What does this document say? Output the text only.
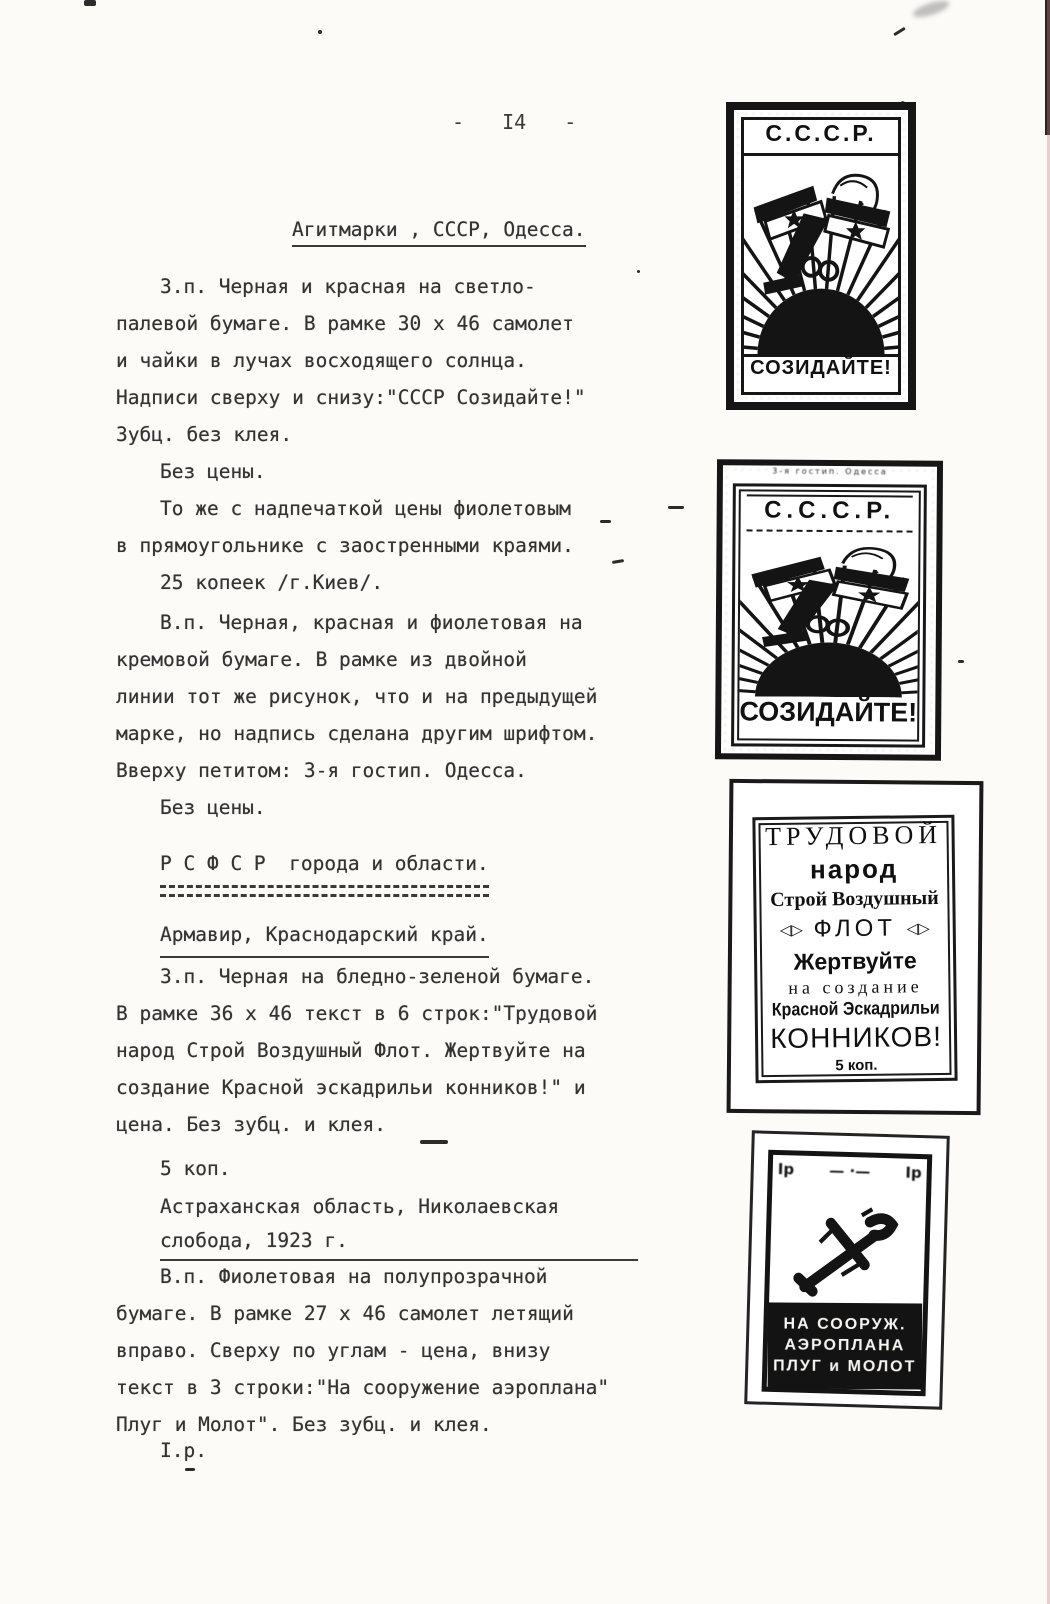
- I4 -
Агитмарки , СССР, Одесса.
З.п. Черная и красная на светло-
палевой бумаге. В рамке 30 х 46 самолет
и чайки в лучах восходящего солнца.
Надписи сверху и снизу:"СССР Созидайте!"
Зубц. без клея.
Без цены.
То же с надпечаткой цены фиолетовым
в прямоугольнике с заостренными краями.
25 копеек /г.Киев/.
В.п. Черная, красная и фиолетовая на
кремовой бумаге. В рамке из двойной
линии тот же рисунок, что и на предыдущей
марке, но надпись сделана другим шрифтом.
Вверху петитом: 3-я гостип. Одесса.
Без цены.
Р С Ф С Р  города и области.
Армавир, Краснодарский край.
З.п. Черная на бледно-зеленой бумаге.
В рамке 36 х 46 текст в 6 строк:"Трудовой
народ Строй Воздушный Флот. Жертвуйте на
создание Красной эскадрильи конников!" и
цена. Без зубц. и клея.
5 коп.
Астраханская область, Николаевская
слобода, 1923 г.
В.п. Фиолетовая на полупрозрачной
бумаге. В рамке 27 х 46 самолет летящий
вправо. Сверху по углам - цена, внизу
текст в 3 строки:"На сооружение аэроплана"
Плуг и Молот". Без зубц. и клея.
I.р.
С.С.С.Р.
СОЗИДАЙТЕ!
3-я гостип. Одесса
С.С.С.Р.
СОЗИДАЙТЕ!
ТРУДОВОЙ
народ
Строй Воздушный
◁▷ ФЛОТ ◁▷
Жертвуйте
на создание
Красной Эскадрильи
КОННИКОВ!
5 коп.
Iр — ·— Iр
НА СООРУЖ.
АЭРОПЛАНА
ПЛУГ и МОЛОТ
